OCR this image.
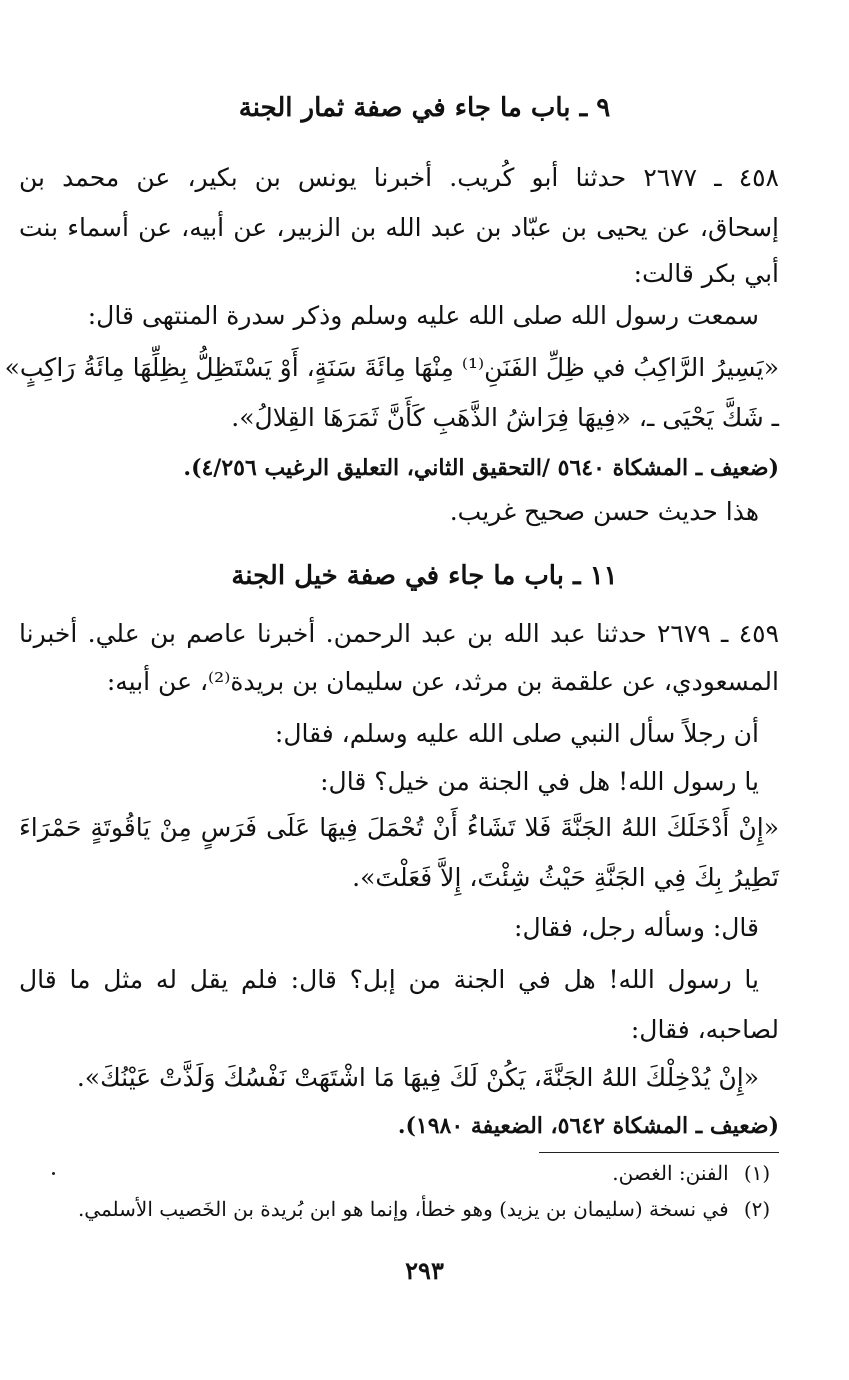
٩ ـ باب ما جاء في صفة ثمار الجنة
٤٥٨ ـ ٢٦٧٧ حدثنا أبو كُريب. أخبرنا يونس بن بكير، عن محمد بن
إسحاق، عن يحيى بن عبّاد بن عبد الله بن الزبير، عن أبيه، عن أسماء بنت
أبي بكر قالت:
سمعت رسول الله صلى الله عليه وسلم وذكر سدرة المنتهى قال:
«يَسِيرُ الرَّاكِبُ في ظِلِّ الفَنَنِ⁽¹⁾ مِنْهَا مِائَةَ سَنَةٍ، أَوْ يَسْتَظِلُّ بِظِلِّهَا مِائَةُ رَاكِبٍ»
ـ شَكَّ يَحْيَى ـ، «فِيهَا فِرَاشُ الذَّهَبِ كَأَنَّ ثَمَرَهَا القِلالُ».
(ضعيف ـ المشكاة ٥٦٤٠ /التحقيق الثاني، التعليق الرغيب ٤/٢٥٦).
هذا حديث حسن صحيح غريب.
١١ ـ باب ما جاء في صفة خيل الجنة
٤٥٩ ـ ٢٦٧٩ حدثنا عبد الله بن عبد الرحمن. أخبرنا عاصم بن علي. أخبرنا
المسعودي، عن علقمة بن مرثد، عن سليمان بن بريدة⁽²⁾، عن أبيه:
أن رجلاً سأل النبي صلى الله عليه وسلم، فقال:
يا رسول الله! هل في الجنة من خيل؟ قال:
«إِنْ أَدْخَلَكَ اللهُ الجَنَّةَ فَلا تَشَاءُ أَنْ تُحْمَلَ فِيهَا عَلَى فَرَسٍ مِنْ يَاقُوتَةٍ حَمْرَاءَ
تَطِيرُ بِكَ فِي الجَنَّةِ حَيْثُ شِئْتَ، إِلاَّ فَعَلْتَ».
قال: وسأله رجل، فقال:
يا رسول الله! هل في الجنة من إبل؟ قال: فلم يقل له مثل ما قال
لصاحبه، فقال:
«إِنْ يُدْخِلْكَ اللهُ الجَنَّةَ، يَكُنْ لَكَ فِيهَا مَا اشْتَهَتْ نَفْسُكَ وَلَذَّتْ عَيْنُكَ».
(ضعيف ـ المشكاة ٥٦٤٢، الضعيفة ١٩٨٠).
(١) الفنن: الغصن.
(٢) في نسخة (سليمان بن يزيد) وهو خطأ، وإنما هو ابن بُريدة بن الخَصيب الأسلمي.
٢٩٣
